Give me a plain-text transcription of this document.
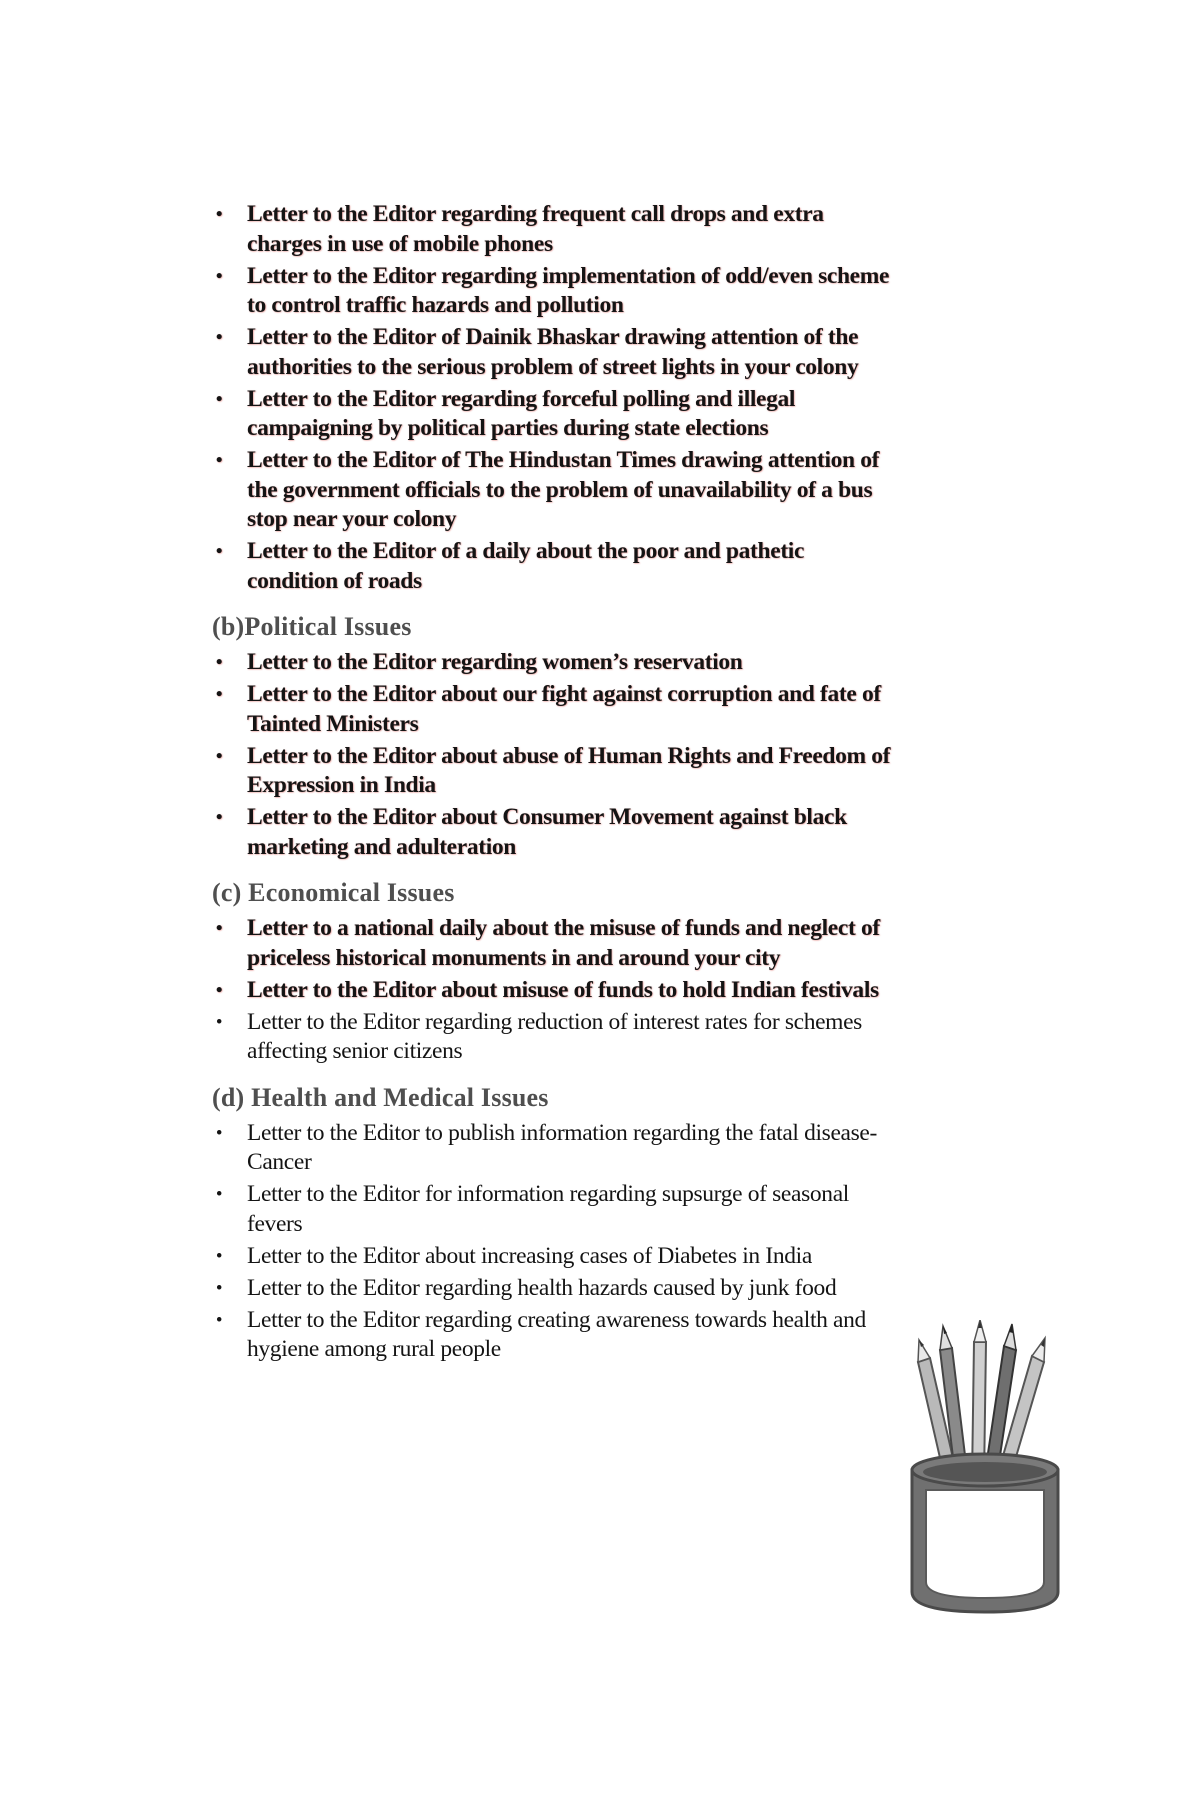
• Letter to the Editor regarding frequent call drops and extra charges in use of mobile phones
• Letter to the Editor regarding implementation of odd/even scheme to control traffic hazards and pollution
• Letter to the Editor of Dainik Bhaskar drawing attention of the authorities to the serious problem of street lights in your colony
• Letter to the Editor regarding forceful polling and illegal campaigning by political parties during state elections
• Letter to the Editor of The Hindustan Times drawing attention of the government officials to the problem of unavailability of a bus stop near your colony
• Letter to the Editor of a daily about the poor and pathetic condition of roads
(b)Political Issues
• Letter to the Editor regarding women’s reservation
• Letter to the Editor about our fight against corruption and fate of Tainted Ministers
• Letter to the Editor about abuse of Human Rights and Freedom of Expression in India
• Letter to the Editor about Consumer Movement against black marketing and adulteration
(c) Economical Issues
• Letter to a national daily about the misuse of funds and neglect of priceless historical monuments in and around your city
• Letter to the Editor about misuse of funds to hold Indian festivals
• Letter to the Editor regarding reduction of interest rates for schemes affecting senior citizens
(d) Health and Medical Issues
• Letter to the Editor to publish information regarding the fatal disease-Cancer
• Letter to the Editor for information regarding supsurge of seasonal fevers
• Letter to the Editor about increasing cases of Diabetes in India
• Letter to the Editor regarding health hazards caused by junk food
• Letter to the Editor regarding creating awareness towards health and hygiene among rural people
